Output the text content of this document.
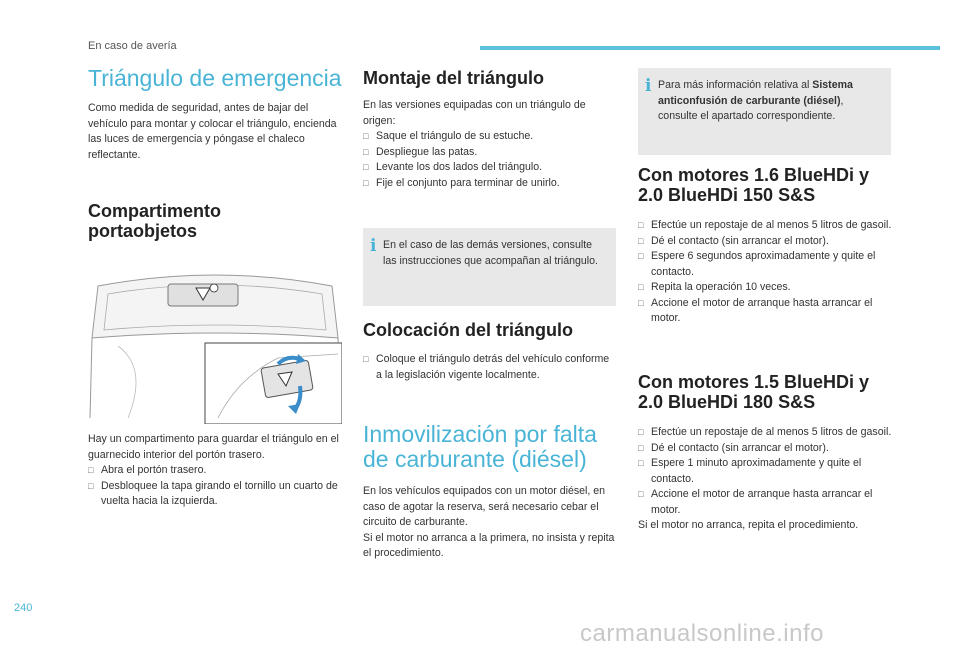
En caso de avería
Triángulo de emergencia

Como medida de seguridad, antes de bajar del vehículo para montar y colocar el triángulo, encienda las luces de emergencia y póngase el chaleco reflectante.

Compartimento portaobjetos

Hay un compartimento para guardar el triángulo en el guarnecido interior del portón trasero.

□ Abra el portón trasero.
□ Desbloquee la tapa girando el tornillo un cuarto de vuelta hacia la izquierda.
Montaje del triángulo

En las versiones equipadas con un triángulo de origen:

□ Saque el triángulo de su estuche.
□ Despliegue las patas.
□ Levante los dos lados del triángulo.
□ Fije el conjunto para terminar de unirlo.
i En el caso de las demás versiones, consulte las instrucciones que acompañan al triángulo.
Colocación del triángulo
□ Coloque el triángulo detrás del vehículo conforme a la legislación vigente localmente.
Inmovilización por falta de carburante (diésel)

En los vehículos equipados con un motor diésel, en caso de agotar la reserva, será necesario cebar el circuito de carburante.

Si el motor no arranca a la primera, no insista y repita el procedimiento.

i Para más información relativa al Sistema anticonfusión de carburante (diésel), consulte el apartado correspondiente.
Con motores 1.6 BlueHDi y 2.0 BlueHDi 150 S&S
□ Efectúe un repostaje de al menos 5 litros de gasoil.
□ Dé el contacto (sin arrancar el motor).
□ Espere 6 segundos aproximadamente y quite el contacto.
□ Repita la operación 10 veces.
□ Accione el motor de arranque hasta arrancar el motor.
Con motores 1.5 BlueHDi y 2.0 BlueHDi 180 S&S
□ Efectúe un repostaje de al menos 5 litros de gasoil.
□ Dé el contacto (sin arrancar el motor).
□ Espere 1 minuto aproximadamente y quite el contacto.
□ Accione el motor de arranque hasta arrancar el motor.

Si el motor no arranca, repita el procedimiento.

240
carmanualsonline.info
